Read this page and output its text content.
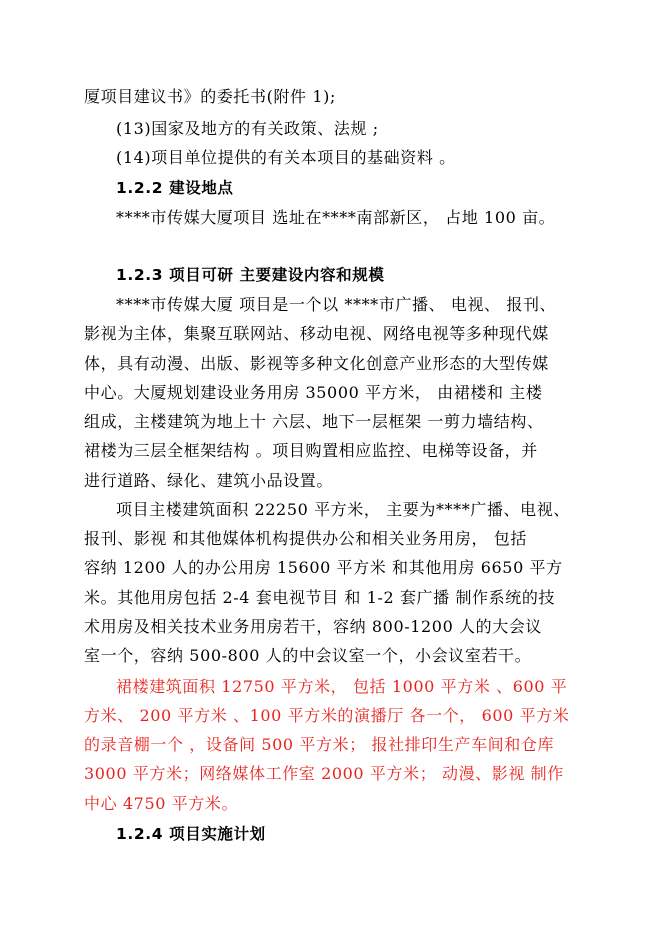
厦项目建议书》的委托书(附件 1);
(13)国家及地方的有关政策、法规 ;
(14)项目单位提供的有关本项目的基础资料 。
1.2.2 建设地点
****市传媒大厦项目 选址在****南部新区， 占地 100 亩。
1.2.3 项目可研 主要建设内容和规模
****市传媒大厦 项目是一个以 ****市广播、 电视、 报刊、
影视为主体，集聚互联网站、移动电视、网络电视等多种现代媒
体，具有动漫、出版、影视等多种文化创意产业形态的大型传媒
中心。大厦规划建设业务用房 35000 平方米， 由裙楼和 主楼
组成，主楼建筑为地上十 六层、地下一层框架 一剪力墙结构、
裙楼为三层全框架结构 。项目购置相应监控、电梯等设备，并
进行道路、绿化、建筑小品设置。
项目主楼建筑面积 22250 平方米， 主要为****广播、电视、
报刊、影视 和其他媒体机构提供办公和相关业务用房， 包括
容纳 1200 人的办公用房 15600 平方米 和其他用房 6650 平方
米。其他用房包括 2-4 套电视节目 和 1-2 套广播 制作系统的技
术用房及相关技术业务用房若干，容纳 800-1200 人的大会议
室一个，容纳 500-800 人的中会议室一个，小会议室若干。
裙楼建筑面积 12750 平方米， 包括 1000 平方米 、600 平
方米、 200 平方米 、100 平方米的演播厅 各一个， 600 平方米
的录音棚一个 ，设备间 500 平方米； 报社排印生产车间和仓库
3000 平方米；网络媒体工作室 2000 平方米； 动漫、影视 制作
中心 4750 平方米。
1.2.4 项目实施计划
